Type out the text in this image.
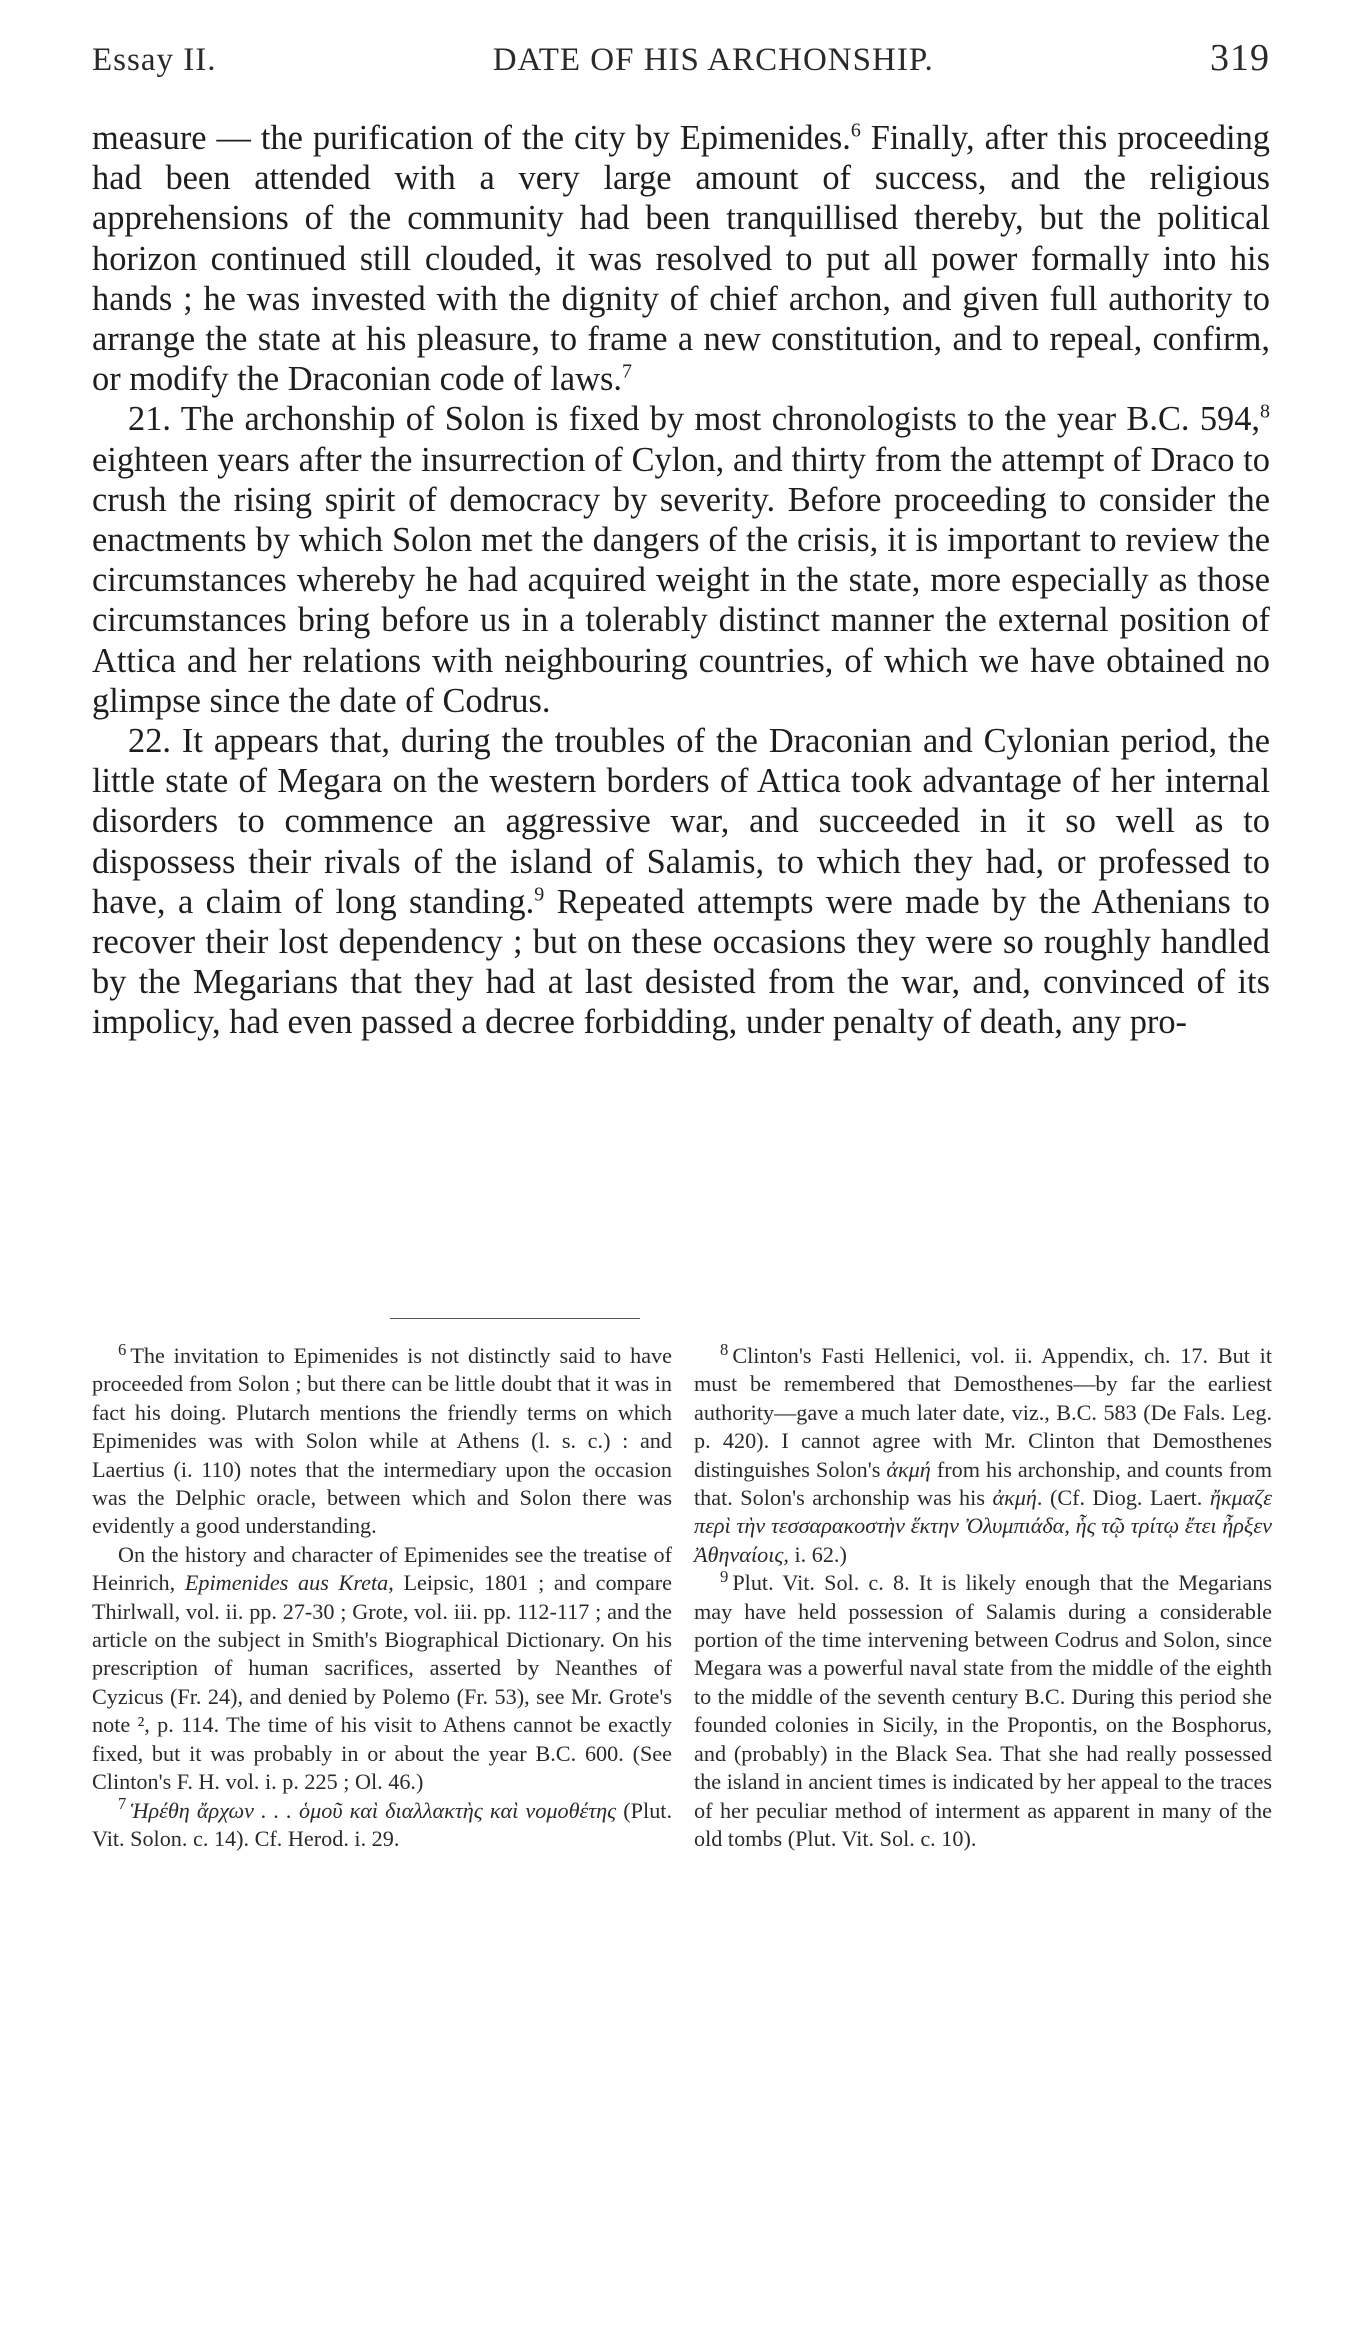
Essay II.	DATE OF HIS ARCHONSHIP.	319

measure — the purification of the city by Epimenides.$^6$ Finally, after this proceeding had been attended with a very large amount of success, and the religious apprehensions of the community had been tranquillised thereby, but the political horizon continued still clouded, it was resolved to put all power formally into his hands ; he was invested with the dignity of chief archon, and given full authority to arrange the state at his pleasure, to frame a new constitution, and to repeal, confirm, or modify the Draconian code of laws.$^7$

21. The archonship of Solon is fixed by most chronologists to the year B.C. 594,$^8$ eighteen years after the insurrection of Cylon, and thirty from the attempt of Draco to crush the rising spirit of democracy by severity. Before proceeding to consider the enactments by which Solon met the dangers of the crisis, it is important to review the circumstances whereby he had acquired weight in the state, more especially as those circumstances bring before us in a tolerably distinct manner the external position of Attica and her relations with neighbouring countries, of which we have obtained no glimpse since the date of Codrus.

22. It appears that, during the troubles of the Draconian and Cylonian period, the little state of Megara on the western borders of Attica took advantage of her internal disorders to commence an aggressive war, and succeeded in it so well as to dispossess their rivals of the island of Salamis, to which they had, or professed to have, a claim of long standing.$^9$ Repeated attempts were made by the Athenians to recover their lost dependency ; but on these occasions they were so roughly handled by the Megarians that they had at last desisted from the war, and, convinced of its impolicy, had even passed a decree forbidding, under penalty of death, any pro-

$^6$ The invitation to Epimenides is not distinctly said to have proceeded from Solon ; but there can be little doubt that it was in fact his doing. Plutarch mentions the friendly terms on which Epimenides was with Solon while at Athens (l. s. c.) : and Laertius (i. 110) notes that the intermediary upon the occasion was the Delphic oracle, between which and Solon there was evidently a good understanding.

On the history and character of Epimenides see the treatise of Heinrich, Epimenides aus Kreta, Leipsic, 1801 ; and compare Thirlwall, vol. ii. pp. 27-30 ; Grote, vol. iii. pp. 112-117 ; and the article on the subject in Smith's Biographical Dictionary. On his prescription of human sacrifices, asserted by Neanthes of Cyzicus (Fr. 24), and denied by Polemo (Fr. 53), see Mr. Grote's note ², p. 114. The time of his visit to Athens cannot be exactly fixed, but it was probably in or about the year B.C. 600. (See Clinton's F. H. vol. i. p. 225 ; Ol. 46.)

$^7$ Ἡρέθη ἄρχων . . . ὁμοῦ καὶ διαλλακτὴς καὶ νομοθέτης (Plut. Vit. Solon. c. 14). Cf. Herod. i. 29.

$^8$ Clinton's Fasti Hellenici, vol. ii. Appendix, ch. 17. But it must be remembered that Demosthenes—by far the earliest authority—gave a much later date, viz., B.C. 583 (De Fals. Leg. p. 420). I cannot agree with Mr. Clinton that Demosthenes distinguishes Solon's ἀκμή from his archonship, and counts from that. Solon's archonship was his ἀκμή. (Cf. Diog. Laert. ἤκμαζε περὶ τὴν τεσσαρακοστὴν ἕκτην Ὀλυμπιάδα, ἧς τῷ τρίτῳ ἔτει ἦρξεν Ἀθηναίοις, i. 62.)

$^9$ Plut. Vit. Sol. c. 8. It is likely enough that the Megarians may have held possession of Salamis during a considerable portion of the time intervening between Codrus and Solon, since Megara was a powerful naval state from the middle of the eighth to the middle of the seventh century B.C. During this period she founded colonies in Sicily, in the Propontis, on the Bosphorus, and (probably) in the Black Sea. That she had really possessed the island in ancient times is indicated by her appeal to the traces of her peculiar method of interment as apparent in many of the old tombs (Plut. Vit. Sol. c. 10).
